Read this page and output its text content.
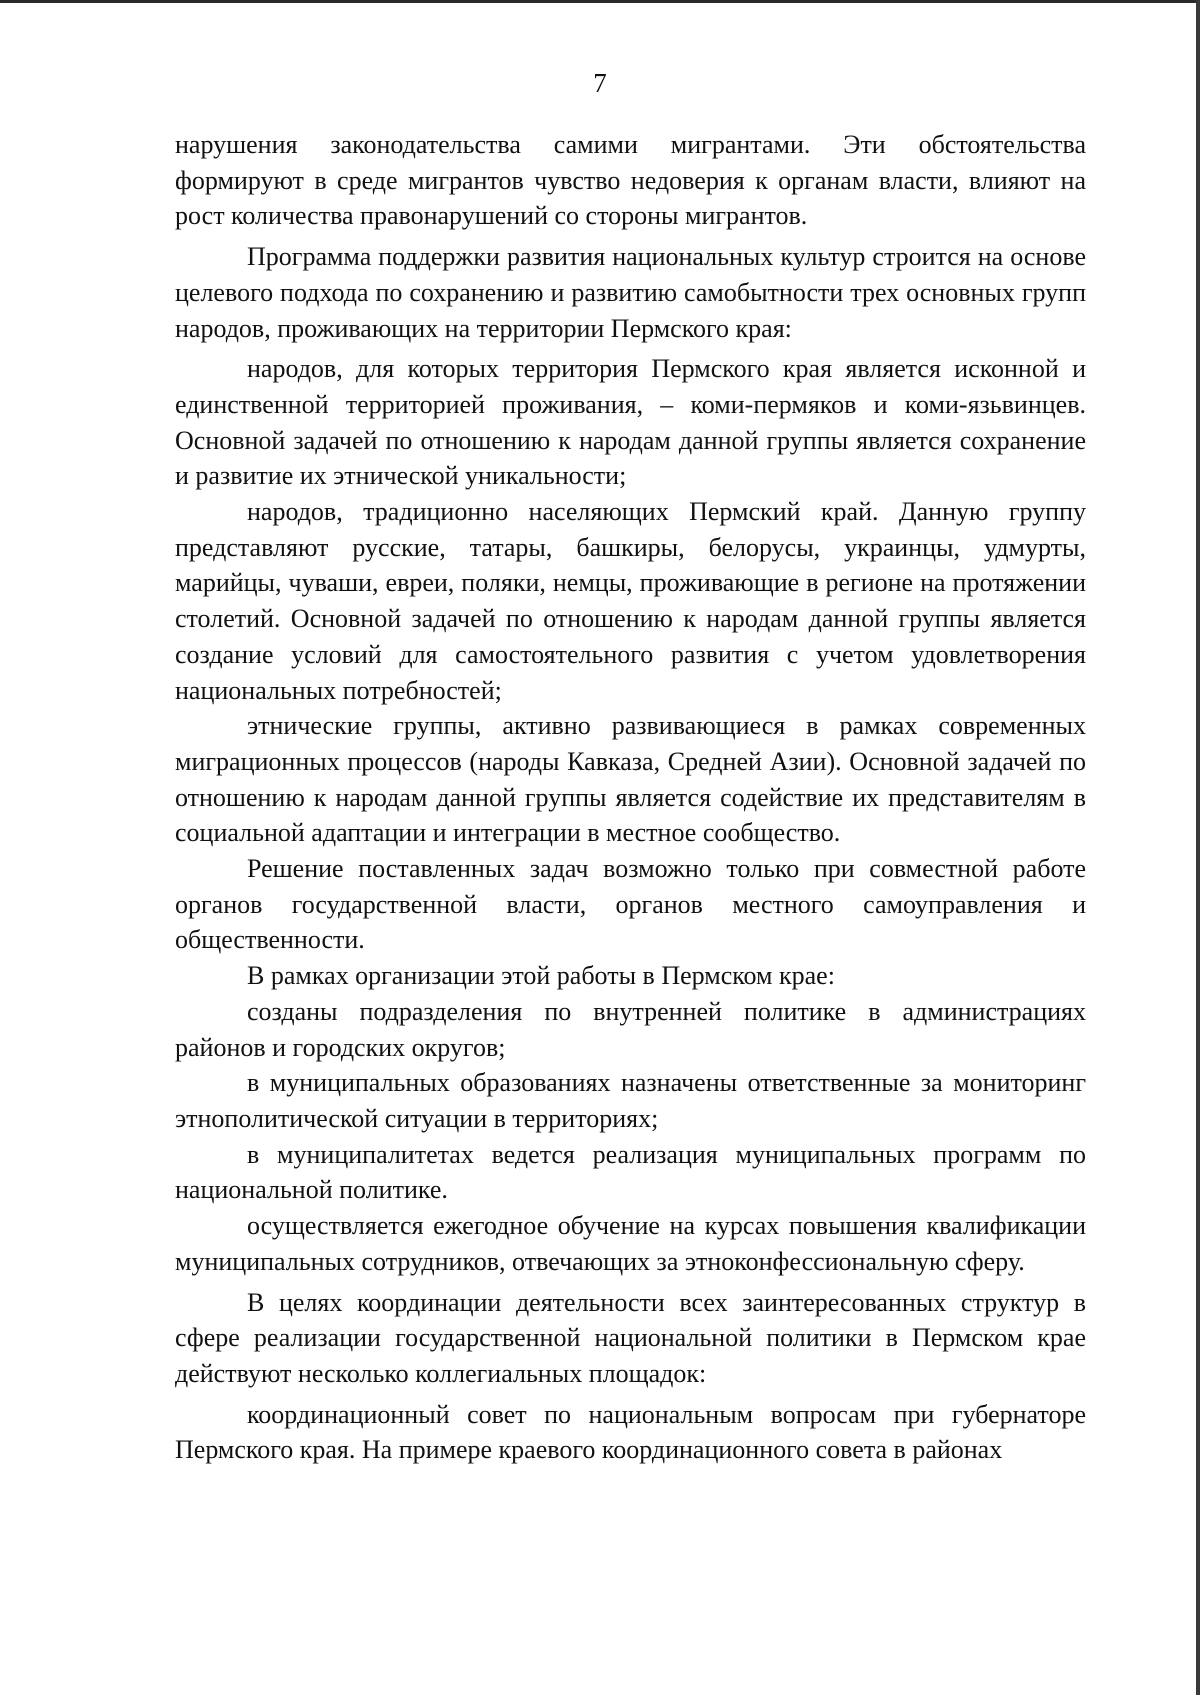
7

нарушения законодательства самими мигрантами. Эти обстоятельства формируют в среде мигрантов чувство недоверия к органам власти, влияют на рост количества правонарушений со стороны мигрантов.

Программа поддержки развития национальных культур строится на основе целевого подхода по сохранению и развитию самобытности трех основных групп народов, проживающих на территории Пермского края:

народов, для которых территория Пермского края является исконной и единственной территорией проживания, – коми-пермяков и коми-язьвинцев. Основной задачей по отношению к народам данной группы является сохранение и развитие их этнической уникальности;

народов, традиционно населяющих Пермский край. Данную группу представляют русские, татары, башкиры, белорусы, украинцы, удмурты, марийцы, чуваши, евреи, поляки, немцы, проживающие в регионе на протяжении столетий. Основной задачей по отношению к народам данной группы является создание условий для самостоятельного развития с учетом удовлетворения национальных потребностей;

этнические группы, активно развивающиеся в рамках современных миграционных процессов (народы Кавказа, Средней Азии). Основной задачей по отношению к народам данной группы является содействие их представителям в социальной адаптации и интеграции в местное сообщество.

Решение поставленных задач возможно только при совместной работе органов государственной власти, органов местного самоуправления и общественности.

В рамках организации этой работы в Пермском крае:

созданы подразделения по внутренней политике в администрациях районов и городских округов;

в муниципальных образованиях назначены ответственные за мониторинг этнополитической ситуации в территориях;

в муниципалитетах ведется реализация муниципальных программ по национальной политике.

осуществляется ежегодное обучение на курсах повышения квалификации муниципальных сотрудников, отвечающих за этноконфессиональную сферу.

В целях координации деятельности всех заинтересованных структур в сфере реализации государственной национальной политики в Пермском крае действуют несколько коллегиальных площадок:

координационный совет по национальным вопросам при губернаторе Пермского края. На примере краевого координационного совета в районах
